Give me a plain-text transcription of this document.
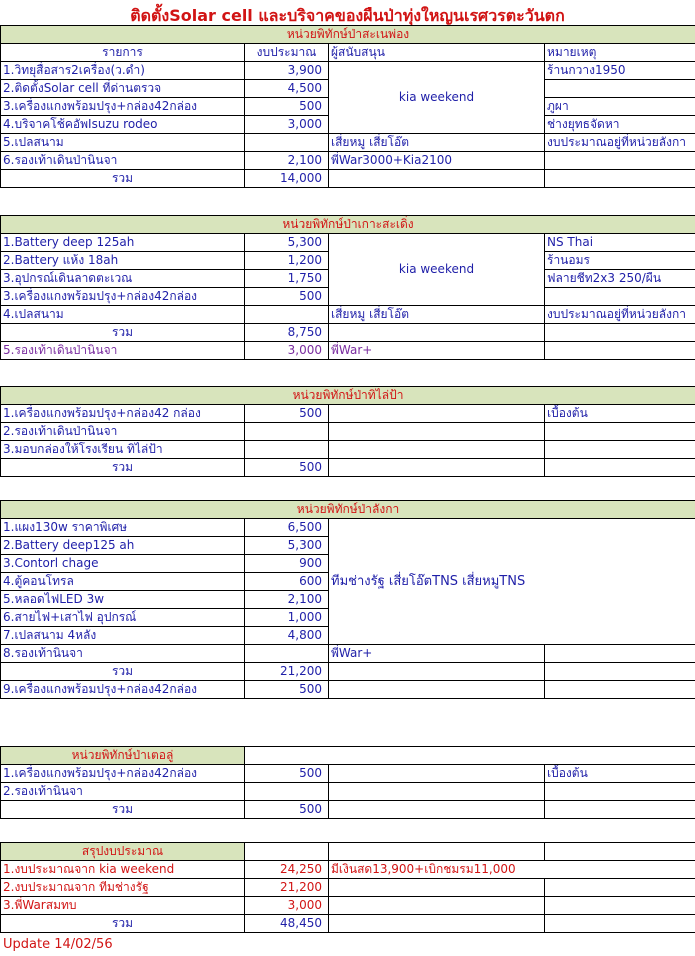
ติดตั้งSolar cell และบริจาคของผืนป่าทุ่งใหญนเรศวรตะวันตก
หน่วยพิทักษ์ป่าสะเนพ่อง			
รายการ	งบประมาณ	ผู้สนับสนุน	หมายเหตุ
1.วิทยุสื่อสาร2เครื่อง(ว.ดำ)	3,900	kia weekend	ร้านกวาง1950
2.ติดตั้งSolar cell ที่ด่านตรวจ	4,500		
3.เครื่องแกงพร้อมปรุง+กล่อง42กล่อง	500		ภูผา
4.บริจาคโช้คอัพIsuzu rodeo	3,000		ช่างยุทธจัดหา
5.เปลสนาม		เสี่ยหมู เสี่ยโอ๊ต	งบประมาณอยู่ที่หน่วยลังกา
6.รองเท้าเดินป่านินจา	2,100	พี่War3000+Kia2100	
รวม	14,000		
หน่วยพิทักษ์ป่าเกาะสะเดิ่ง			
1.Battery deep 125ah	5,300	kia weekend	NS Thai
2.Battery แห้ง 18ah	1,200		ร้านอมร
3.อุปกรณ์เดินลาดตะเวณ	1,750		ฟลายชีท2x3 250/ผืน
3.เครื่องแกงพร้อมปรุง+กล่อง42กล่อง	500		
4.เปลสนาม		เสี่ยหมู เสี่ยโอ๊ต	งบประมาณอยู่ที่หน่วยลังกา
รวม	8,750		
5.รองเท้าเดินป่านินจา	3,000	พี่War+	
หน่วยพิทักษ์ป่าทิไล่ป้า			
1.เครื่องแกงพร้อมปรุง+กล่อง42 กล่อง	500		เบื้องต้น
2.รองเท้าเดินป่านินจา			
3.มอบกล่องให้โรงเรียน ทิไล่ป้า			
รวม	500		
หน่วยพิทักษ์ป่าลังกา			
1.แผง130w ราคาพิเศษ	6,500	ทีมช่างรัฐ เสี่ยโอ๊ตTNS เสี่ยหมูTNS	
2.Battery deep125 ah	5,300		
3.Contorl chage	900		
4.ตู้คอนโทรล	600		
5.หลอดไฟLED 3w	2,100		
6.สายไฟ+เสาไฟ อุปกรณ์	1,000		
7.เปลสนาม 4หลัง	4,800		
8.รองเท้านินจา		พี่War+	
รวม	21,200		
9.เครื่องแกงพร้อมปรุง+กล่อง42กล่อง	500		
หน่วยพิทักษ์ป่าเตอลู่			
1.เครื่องแกงพร้อมปรุง+กล่อง42กล่อง	500		เบื้องต้น
2.รองเท้านินจา			
รวม	500		
สรุปงบประมาณ			
1.งบประมาณจาก kia weekend	24,250	มีเงินสด13,900+เบิกชมรม11,000	
2.งบประมาณจาก ทีมช่างรัฐ	21,200		
3.พี่Warสมทบ	3,000		
รวม	48,450		
Update 14/02/56
